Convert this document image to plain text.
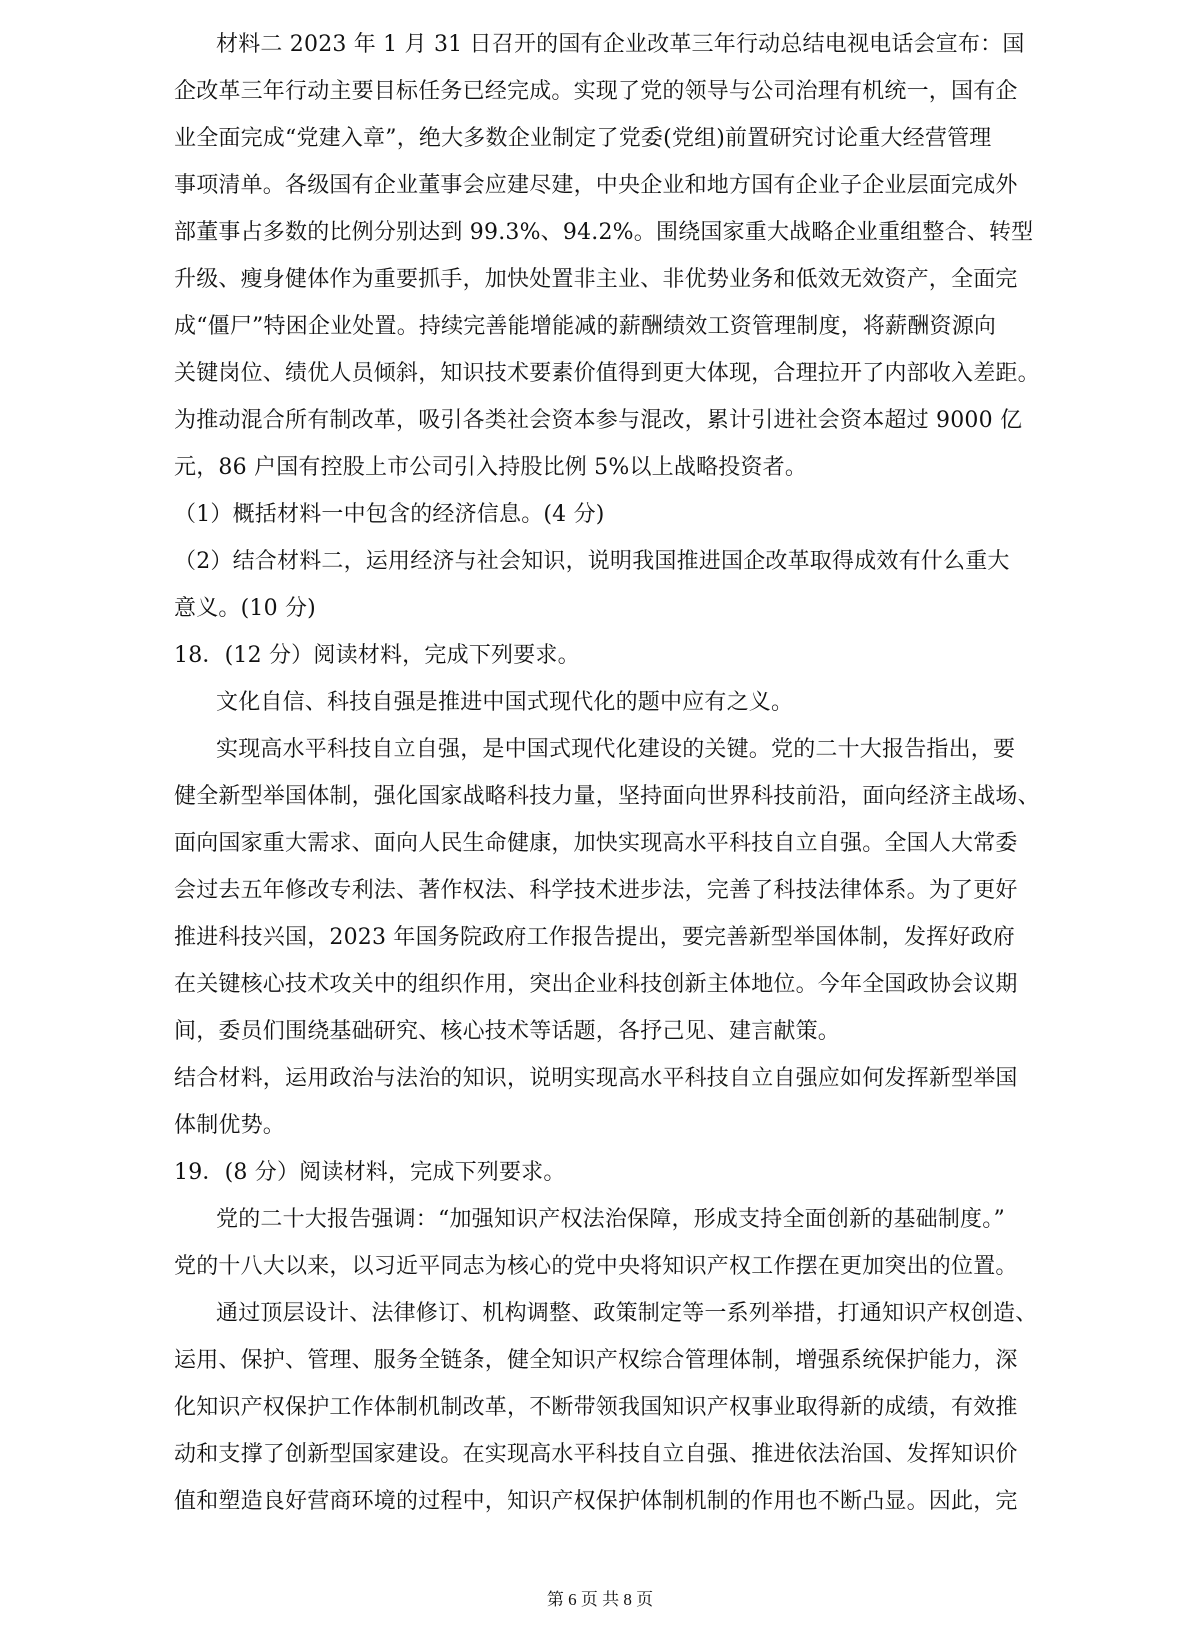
材料二 2023 年 1 月 31 日召开的国有企业改革三年行动总结电视电话会宣布：国
企改革三年行动主要目标任务已经完成。实现了党的领导与公司治理有机统一，国有企
业全面完成“党建入章”，绝大多数企业制定了党委(党组)前置研究讨论重大经营管理
事项清单。各级国有企业董事会应建尽建，中央企业和地方国有企业子企业层面完成外
部董事占多数的比例分别达到 99.3%、94.2%。围绕国家重大战略企业重组整合、转型
升级、瘦身健体作为重要抓手，加快处置非主业、非优势业务和低效无效资产，全面完
成“僵尸”特困企业处置。持续完善能增能减的薪酬绩效工资管理制度，将薪酬资源向
关键岗位、绩优人员倾斜，知识技术要素价值得到更大体现，合理拉开了内部收入差距。
为推动混合所有制改革，吸引各类社会资本参与混改，累计引进社会资本超过 9000 亿
元，86 户国有控股上市公司引入持股比例 5%以上战略投资者。
（1）概括材料一中包含的经济信息。(4 分)
（2）结合材料二，运用经济与社会知识，说明我国推进国企改革取得成效有什么重大
意义。(10 分)
18．(12 分）阅读材料，完成下列要求。
文化自信、科技自强是推进中国式现代化的题中应有之义。
实现高水平科技自立自强，是中国式现代化建设的关键。党的二十大报告指出，要
健全新型举国体制，强化国家战略科技力量，坚持面向世界科技前沿，面向经济主战场、
面向国家重大需求、面向人民生命健康，加快实现高水平科技自立自强。全国人大常委
会过去五年修改专利法、著作权法、科学技术进步法，完善了科技法律体系。为了更好
推进科技兴国，2023 年国务院政府工作报告提出，要完善新型举国体制，发挥好政府
在关键核心技术攻关中的组织作用，突出企业科技创新主体地位。今年全国政协会议期
间，委员们围绕基础研究、核心技术等话题，各抒己见、建言献策。
结合材料，运用政治与法治的知识，说明实现高水平科技自立自强应如何发挥新型举国
体制优势。
19．(8 分）阅读材料，完成下列要求。
党的二十大报告强调：“加强知识产权法治保障，形成支持全面创新的基础制度。”
党的十八大以来，以习近平同志为核心的党中央将知识产权工作摆在更加突出的位置。
通过顶层设计、法律修订、机构调整、政策制定等一系列举措，打通知识产权创造、
运用、保护、管理、服务全链条，健全知识产权综合管理体制，增强系统保护能力，深
化知识产权保护工作体制机制改革，不断带领我国知识产权事业取得新的成绩，有效推
动和支撑了创新型国家建设。在实现高水平科技自立自强、推进依法治国、发挥知识价
值和塑造良好营商环境的过程中，知识产权保护体制机制的作用也不断凸显。因此，完
第 6 页 共 8 页
